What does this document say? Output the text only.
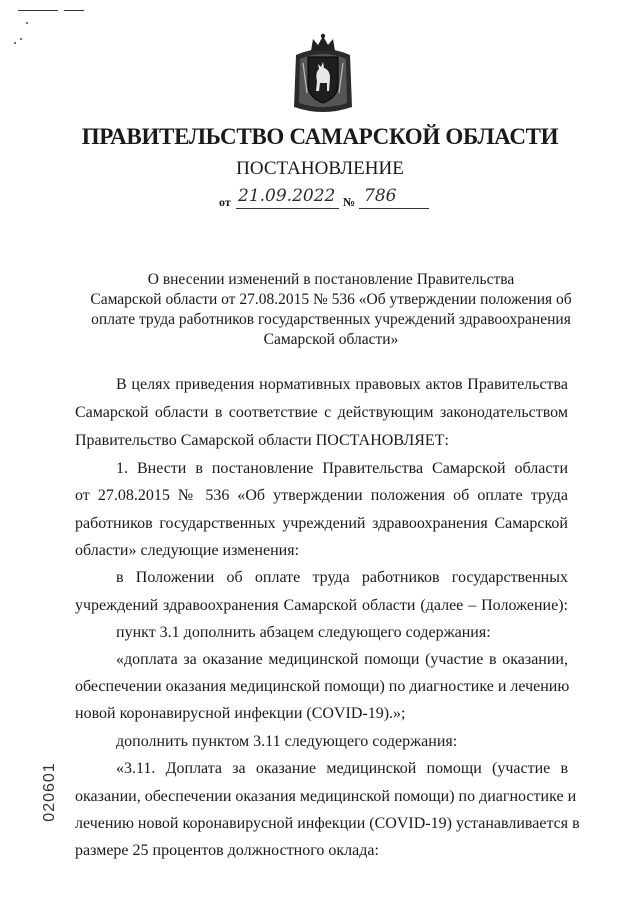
ПРАВИТЕЛЬСТВО САМАРСКОЙ ОБЛАСТИ
ПОСТАНОВЛЕНИЕ
от 21.09.2022 № 786
О внесении изменений в постановление Правительства
Самарской области от 27.08.2015 № 536 «Об утверждении положения об
оплате труда работников государственных учреждений здравоохранения
Самарской области»
В целях приведения нормативных правовых актов Правительства
Самарской области в соответствие с действующим законодательством
Правительство Самарской области ПОСТАНОВЛЯЕТ:
1. Внести в постановление Правительства Самарской области
от 27.08.2015 № 536 «Об утверждении положения об оплате труда
работников государственных учреждений здравоохранения Самарской
области» следующие изменения:
в Положении об оплате труда работников государственных
учреждений здравоохранения Самарской области (далее – Положение):
пункт 3.1 дополнить абзацем следующего содержания:
«доплата за оказание медицинской помощи (участие в оказании,
обеспечении оказания медицинской помощи) по диагностике и лечению
новой коронавирусной инфекции (COVID-19).»;
дополнить пунктом 3.11 следующего содержания:
«3.11. Доплата за оказание медицинской помощи (участие в
оказании, обеспечении оказания медицинской помощи) по диагностике и
лечению новой коронавирусной инфекции (COVID-19) устанавливается в
размере 25 процентов должностного оклада:
020601
